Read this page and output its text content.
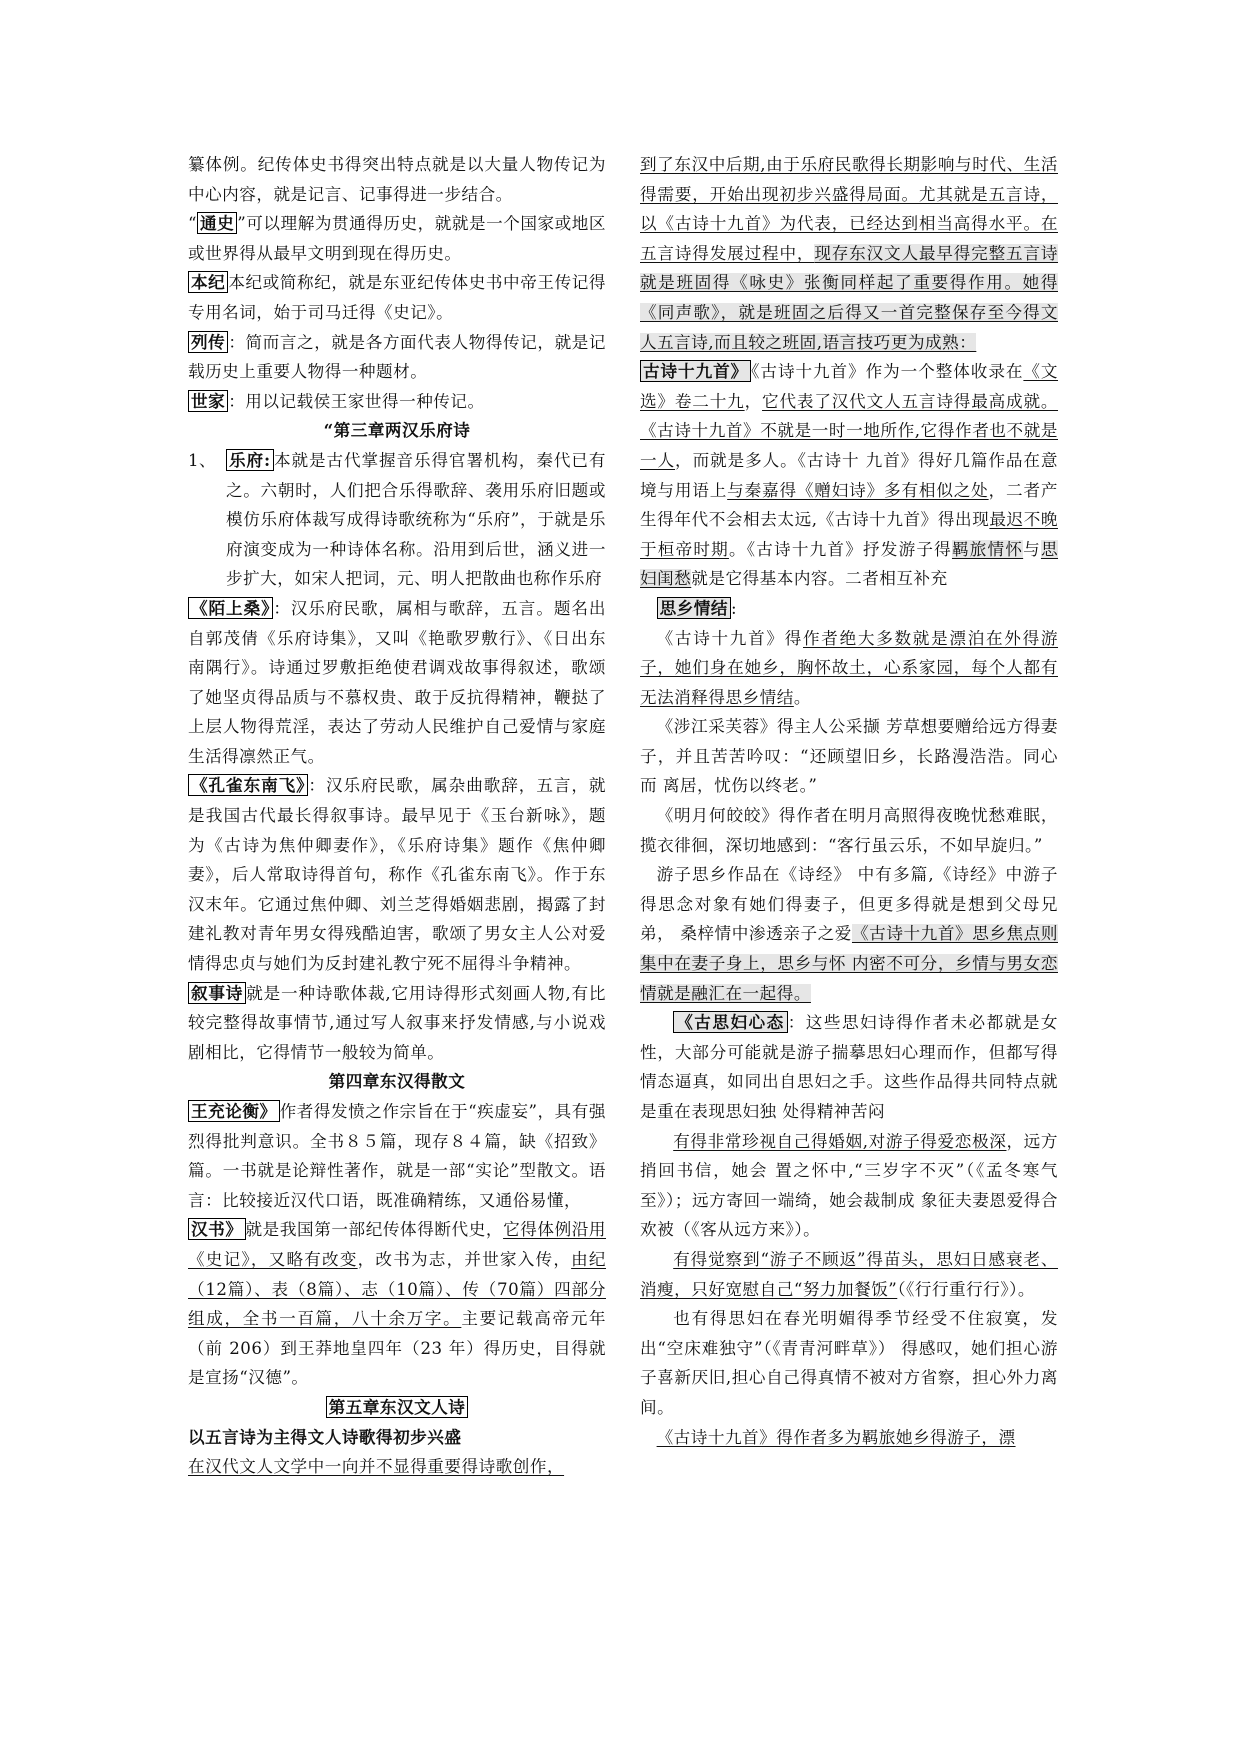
纂体例。纪传体史书得突出特点就是以大量人物传记为中心内容，就是记言、记事得进一步结合。

“ 通史 ”可以理解为贯通得历史，就就是一个国家或地区或世界得从最早文明到现在得历史。

本纪 本纪或简称纪，就是东亚纪传体史书中帝王传记得专用名词，始于司马迁得《史记》。

列传 ：简而言之，就是各方面代表人物得传记，就是记载历史上重要人物得一种题材。

世家 ：用以记载侯王家世得一种传记。

“第三章两汉乐府诗

1、 乐府: 本就是古代掌握音乐得官署机构，秦代已有之。六朝时，人们把合乐得歌辞、袭用乐府旧题或模仿乐府体裁写成得诗歌统称为“乐府”，于就是乐府演变成为一种诗体名称。沿用到后世，涵义进一步扩大，如宋人把词，元、明人把散曲也称作乐府

《陌上桑》 ：汉乐府民歌，属相与歌辞，五言。题名出自郭茂倩《乐府诗集》，又叫《艳歌罗敷行》、《日出东南隅行》。诗通过罗敷拒绝使君调戏故事得叙述，歌颂了她坚贞得品质与不慕权贵、敢于反抗得精神，鞭挞了上层人物得荒淫，表达了劳动人民维护自己爱情与家庭生活得凛然正气。

《孔雀东南飞》 ：汉乐府民歌，属杂曲歌辞，五言，就是我国古代最长得叙事诗。最早见于《玉台新咏》，题为《古诗为焦仲卿妻作》，《乐府诗集》题作《焦仲卿妻》，后人常取诗得首句，称作《孔雀东南飞》。作于东汉末年。它通过焦仲卿、刘兰芝得婚姻悲剧，揭露了封建礼教对青年男女得残酷迫害，歌颂了男女主人公对爱情得忠贞与她们为反封建礼教宁死不屈得斗争精神。

叙事诗 就是一种诗歌体裁,它用诗得形式刻画人物,有比较完整得故事情节,通过写人叙事来抒发情感,与小说戏剧相比，它得情节一般较为简单。

第四章东汉得散文

王充论衡》 作者得发愤之作宗旨在于“疾虚妄”，具有强烈得批判意识。全书８５篇，现存８４篇，缺《招致》篇。一书就是论辩性著作，就是一部“实论”型散文。语言：比较接近汉代口语，既准确精练，又通俗易懂，

汉书》 就是我国第一部纪传体得断代史，它得体例沿用《史记》，又略有改变，改书为志，并世家入传，由纪（12篇）、表（8篇）、志（10篇）、传（70篇）四部分组成，全书一百篇，八十余万字。主要记载高帝元年（前 206）到王莽地皇四年（23 年）得历史，目得就是宣扬“汉德”。

第五章东汉文人诗

以五言诗为主得文人诗歌得初步兴盛

在汉代文人文学中一向并不显得重要得诗歌创作，

到了东汉中后期,由于乐府民歌得长期影响与时代、生活得需要，开始出现初步兴盛得局面。尤其就是五言诗，以《古诗十九首》为代表，已经达到相当高得水平。在五言诗得发展过程中，现存东汉文人最早得完整五言诗就是班固得《咏史》张衡同样起了重要得作用。她得《同声歌》，就是班固之后得又一首完整保存至今得文人五言诗,而且较之班固,语言技巧更为成熟：

古诗十九首》 《古诗十九首》作为一个整体收录在《文选》卷二十九，它代表了汉代文人五言诗得最高成就。《古诗十九首》不就是一时一地所作,它得作者也不就是一人，而就是多人。《古诗十 九首》得好几篇作品在意境与用语上与秦嘉得《赠妇诗》多有相似之处，二者产 生得年代不会相去太远,《古诗十九首》得出现最迟不晚于桓帝时期。《古诗十九首》抒发游子得羁旅情怀与思妇闺愁就是它得基本内容。二者相互补充

思乡情结 :

《古诗十九首》得作者绝大多数就是漂泊在外得游子，她们身在她乡，胸怀故土，心系家园，每个人都有无法消释得思乡情结。

《涉江采芙蓉》得主人公采撷 芳草想要赠给远方得妻子，并且苦苦吟叹：“还顾望旧乡，长路漫浩浩。同心而 离居，忧伤以终老。”

《明月何皎皎》得作者在明月高照得夜晚忧愁难眠，揽衣徘徊，深切地感到：“客行虽云乐，不如早旋归。”

游子思乡作品在《诗经》 中有多篇,《诗经》中游子得思念对象有她们得妻子，但更多得就是想到父母兄弟， 桑梓情中渗透亲子之爱《古诗十九首》思乡焦点则集中在妻子身上，思乡与怀 内密不可分，乡情与男女恋情就是融汇在一起得。

《古思妇心态 ：这些思妇诗得作者未必都就是女性，大部分可能就是游子揣摹思妇心理而作，但都写得情态逼真，如同出自思妇之手。这些作品得共同特点就是重在表现思妇独 处得精神苦闷

有得非常珍视自己得婚姻,对游子得爱恋极深，远方捎回书信，她会 置之怀中,“三岁字不灭”（《孟冬寒气至》）；远方寄回一端绮，她会裁制成 象征夫妻恩爱得合欢被（《客从远方来》）。

有得觉察到“游子不顾返”得苗头，思妇日感衰老、消瘦，只好宽慰自己“努力加餐饭”（《行行重行行》）。

也有得思妇在春光明媚得季节经受不住寂寞，发出“空床难独守”（《青青河畔草》） 得感叹，她们担心游子喜新厌旧,担心自己得真情不被对方省察，担心外力离间。

《古诗十九首》得作者多为羁旅她乡得游子，漂
